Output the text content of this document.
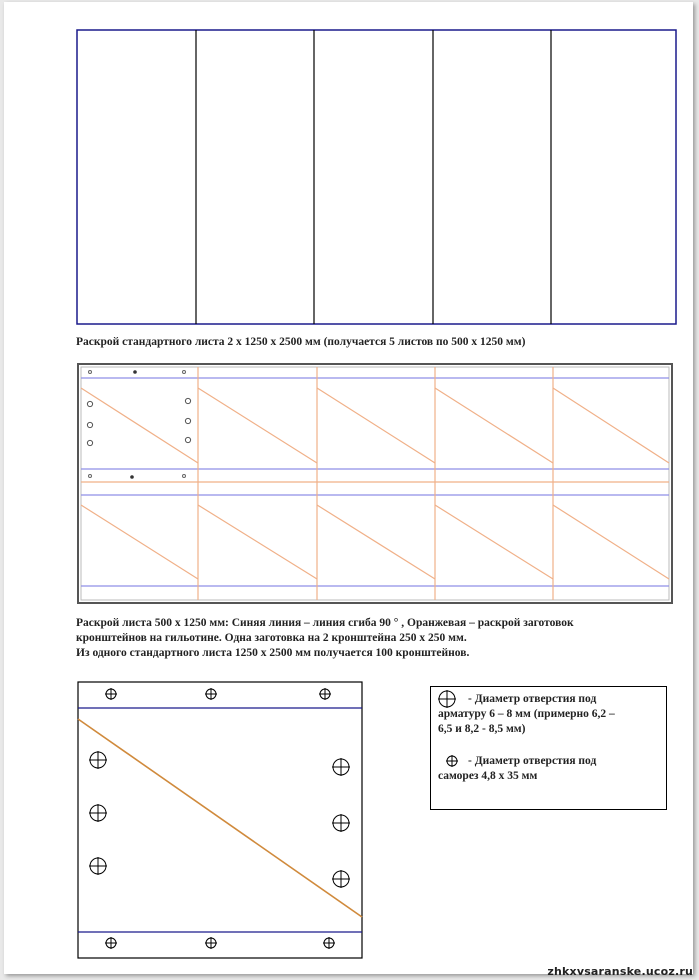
Раскрой стандартного листа 2 х 1250 х 2500 мм (получается 5 листов по 500 х 1250 мм)

Раскрой листа 500 х 1250 мм: Синяя линия – линия сгиба 90 ° , Оранжевая – раскрой заготовок

кронштейнов на гильотине. Одна заготовка на 2 кронштейна 250 х 250 мм.

Из одного стандартного листа 1250 х 2500 мм получается 100 кронштейнов.

- Диаметр отверстия под

арматуру 6 – 8 мм (примерно 6,2 –

6,5 и 8,2 - 8,5 мм)

- Диаметр отверстия под

саморез 4,8 х 35 мм

zhkxvsaranske.ucoz.ru
